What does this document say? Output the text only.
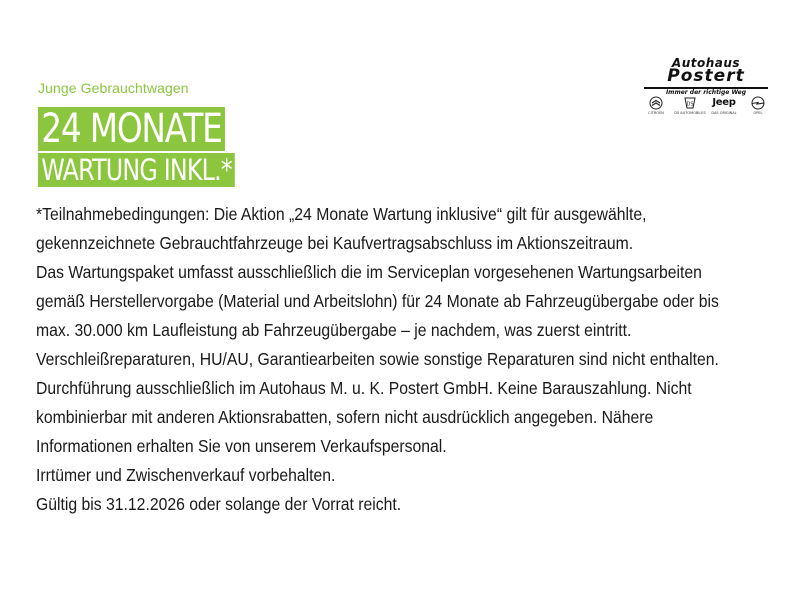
Junge Gebrauchtwagen
24 MONATE
WARTUNG INKL.*
Autohaus
Postert
Immer der richtige Weg
CITROËN
DS
DS AUTOMOBILES
Jeep
DAS ORIGINAL	OPEL

*Teilnahmebedingungen: Die Aktion „24 Monate Wartung inklusive“ gilt für ausgewählte,

gekennzeichnete Gebrauchtfahrzeuge bei Kaufvertragsabschluss im Aktionszeitraum.

Das Wartungspaket umfasst ausschließlich die im Serviceplan vorgesehenen Wartungsarbeiten

gemäß Herstellervorgabe (Material und Arbeitslohn) für 24 Monate ab Fahrzeugübergabe oder bis

max. 30.000 km Laufleistung ab Fahrzeugübergabe – je nachdem, was zuerst eintritt.

Verschleißreparaturen, HU/AU, Garantiearbeiten sowie sonstige Reparaturen sind nicht enthalten.

Durchführung ausschließlich im Autohaus M. u. K. Postert GmbH. Keine Barauszahlung. Nicht

kombinierbar mit anderen Aktionsrabatten, sofern nicht ausdrücklich angegeben. Nähere

Informationen erhalten Sie von unserem Verkaufspersonal.

Irrtümer und Zwischenverkauf vorbehalten.

Gültig bis 31.12.2026 oder solange der Vorrat reicht.
